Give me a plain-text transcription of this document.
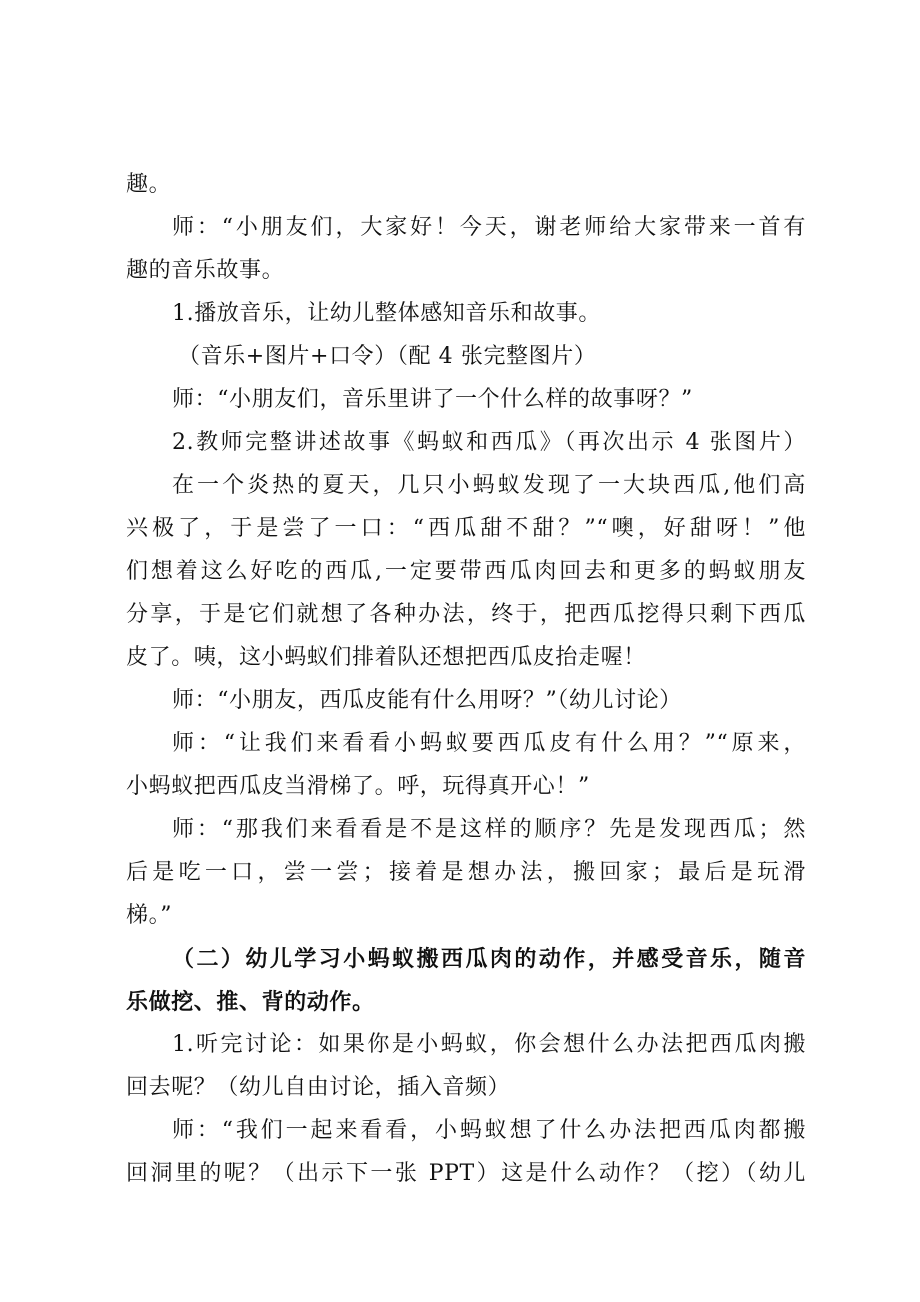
趣。
师：“小朋友们，大家好！今天，谢老师给大家带来一首有
趣的音乐故事。
1.播放音乐，让幼儿整体感知音乐和故事。
（音乐+图片+口令）（配 4 张完整图片）
师：“小朋友们，音乐里讲了一个什么样的故事呀？”
2.教师完整讲述故事《蚂蚁和西瓜》（再次出示 4 张图片）
在一个炎热的夏天，几只小蚂蚁发现了一大块西瓜,他们高
兴极了，于是尝了一口：“西瓜甜不甜？”“噢，好甜呀！”他
们想着这么好吃的西瓜,一定要带西瓜肉回去和更多的蚂蚁朋友
分享，于是它们就想了各种办法，终于，把西瓜挖得只剩下西瓜
皮了。咦，这小蚂蚁们排着队还想把西瓜皮抬走喔！
师：“小朋友，西瓜皮能有什么用呀？”（幼儿讨论）
师：“让我们来看看小蚂蚁要西瓜皮有什么用？”“原来，
小蚂蚁把西瓜皮当滑梯了。呼，玩得真开心！”
师：“那我们来看看是不是这样的顺序？先是发现西瓜；然
后是吃一口，尝一尝；接着是想办法，搬回家；最后是玩滑
梯。”
（二）幼儿学习小蚂蚁搬西瓜肉的动作，并感受音乐，随音
乐做挖、推、背的动作。
1.听完讨论：如果你是小蚂蚁，你会想什么办法把西瓜肉搬
回去呢？（幼儿自由讨论，插入音频）
师：“我们一起来看看，小蚂蚁想了什么办法把西瓜肉都搬
回洞里的呢？（出示下一张 PPT）这是什么动作？（挖）（幼儿
